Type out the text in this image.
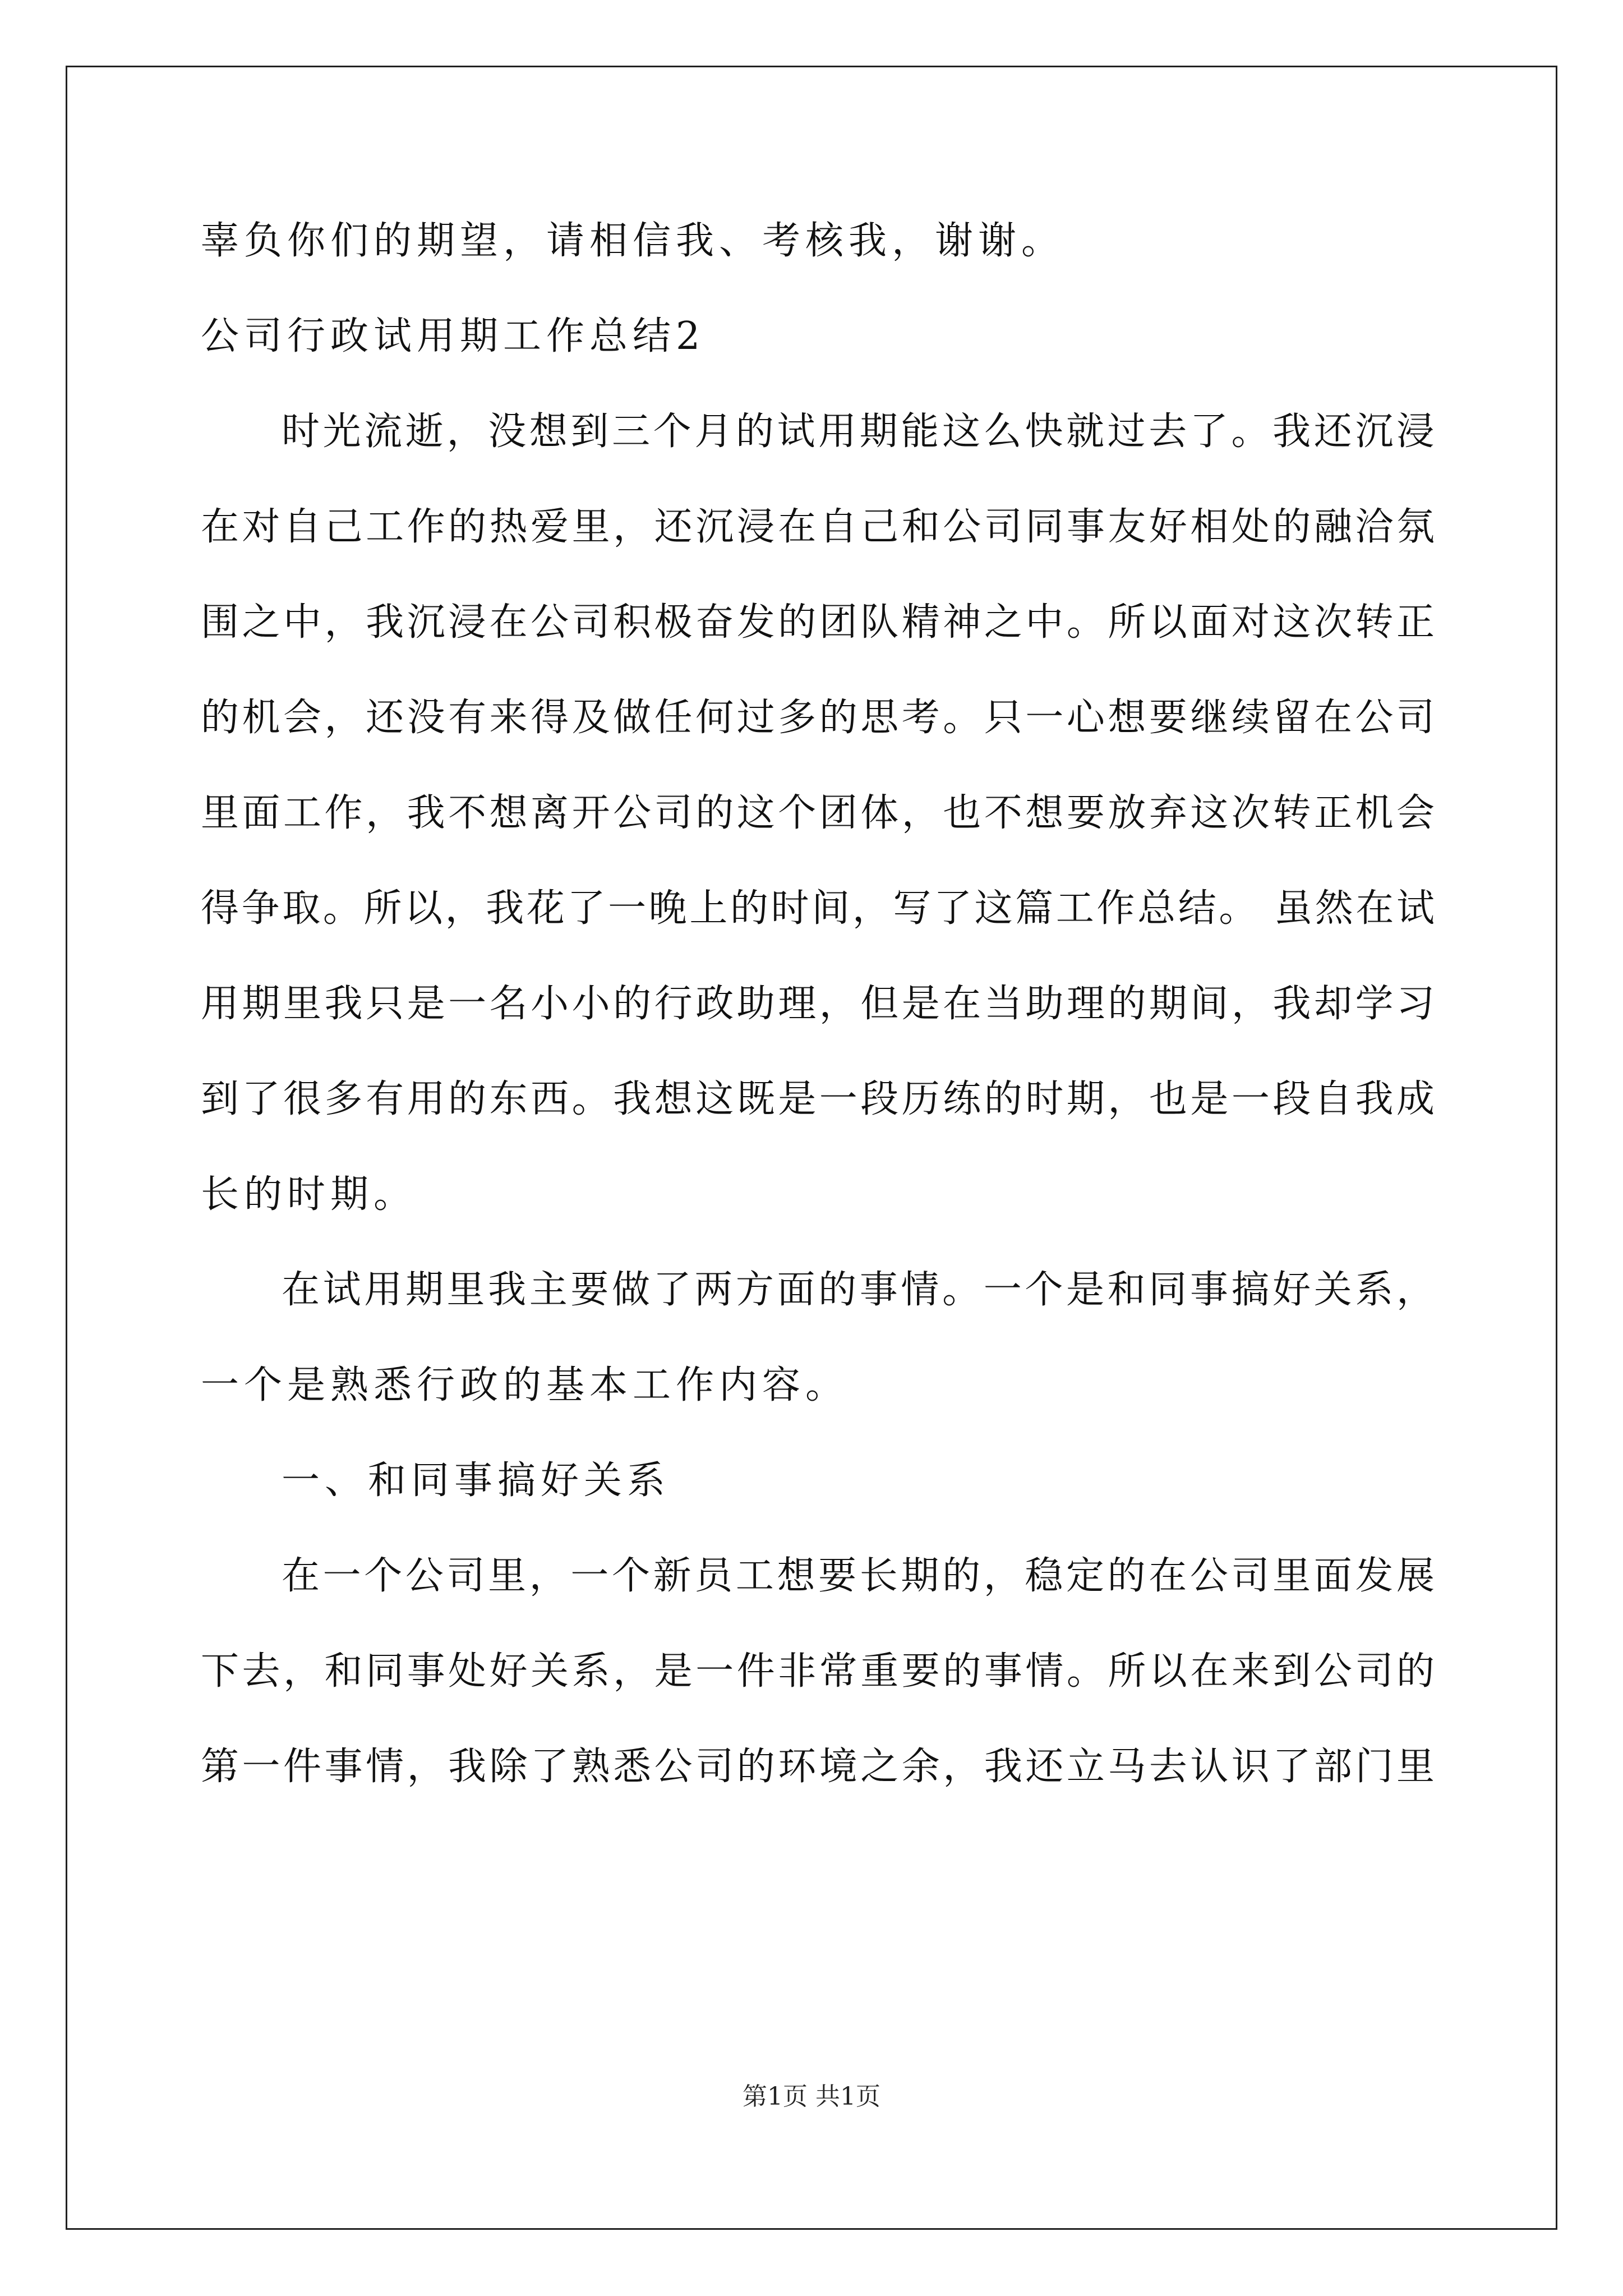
辜负你们的期望，请相信我、考核我，谢谢。
公司行政试用期工作总结2
时光流逝，没想到三个月的试用期能这么快就过去了。我还沉浸
在对自己工作的热爱里，还沉浸在自己和公司同事友好相处的融洽氛
围之中，我沉浸在公司积极奋发的团队精神之中。所以面对这次转正
的机会，还没有来得及做任何过多的思考。只一心想要继续留在公司
里面工作，我不想离开公司的这个团体，也不想要放弃这次转正机会
得争取。所以，我花了一晚上的时间，写了这篇工作总结。 虽然在试
用期里我只是一名小小的行政助理，但是在当助理的期间，我却学习
到了很多有用的东西。我想这既是一段历练的时期，也是一段自我成
长的时期。
在试用期里我主要做了两方面的事情。一个是和同事搞好关系，
一个是熟悉行政的基本工作内容。
一、和同事搞好关系
在一个公司里，一个新员工想要长期的，稳定的在公司里面发展
下去，和同事处好关系，是一件非常重要的事情。所以在来到公司的
第一件事情，我除了熟悉公司的环境之余，我还立马去认识了部门里
第1页 共1页
